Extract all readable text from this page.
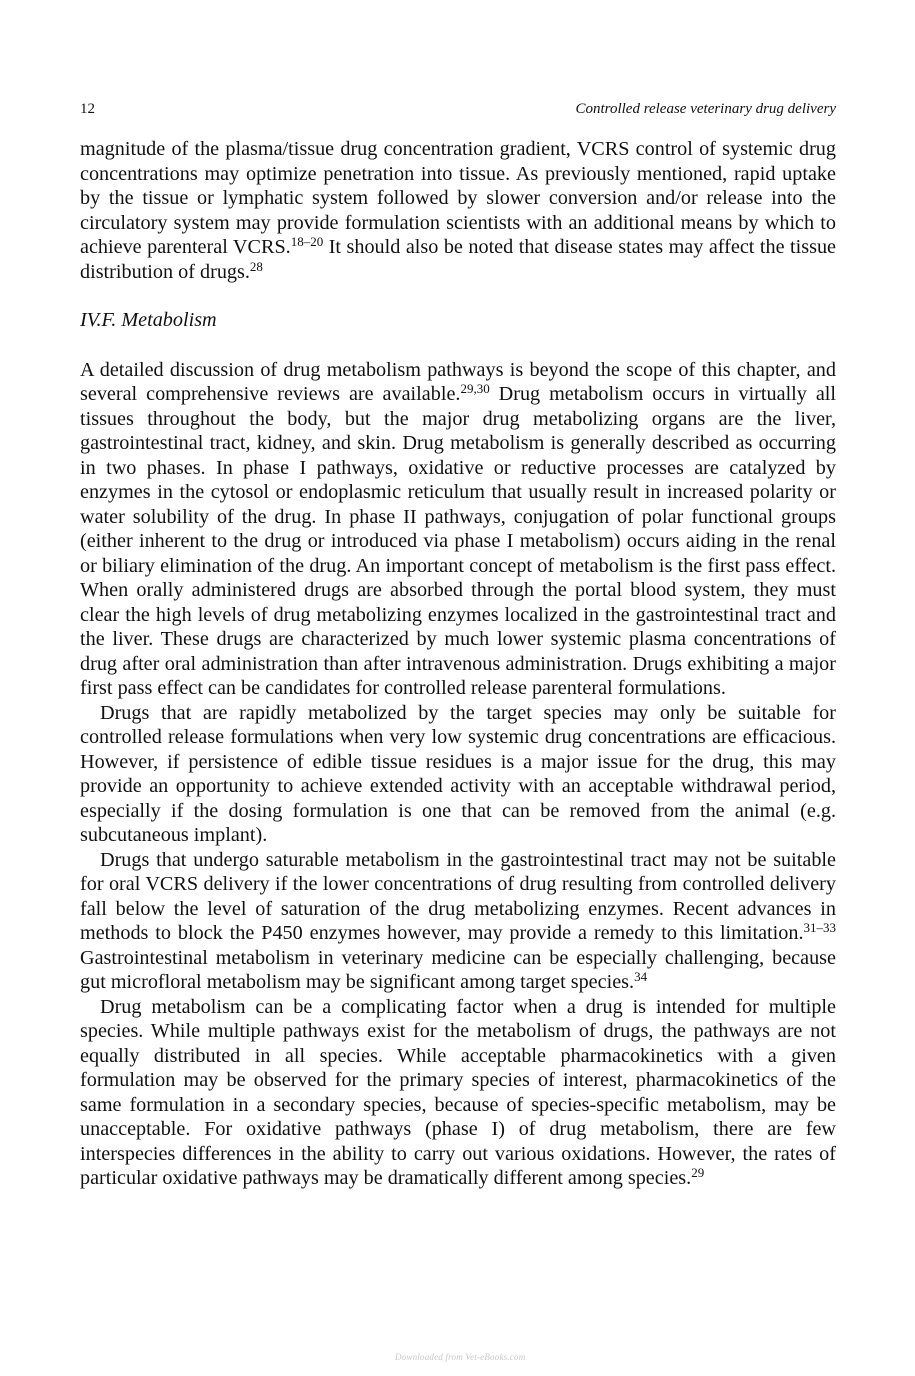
12	Controlled release veterinary drug delivery

magnitude of the plasma/tissue drug concentration gradient, VCRS control of systemic drug concentrations may optimize penetration into tissue. As previously mentioned, rapid uptake by the tissue or lymphatic system followed by slower conversion and/or release into the circulatory system may provide formulation scientists with an additional means by which to achieve parenteral VCRS.$^{18-20}$ It should also be noted that disease states may affect the tissue distribution of drugs.$^{28}$

IV.F. Metabolism

A detailed discussion of drug metabolism pathways is beyond the scope of this chapter, and several comprehensive reviews are available.$^{29,30}$ Drug metabolism occurs in virtually all tissues throughout the body, but the major drug metabolizing organs are the liver, gastrointestinal tract, kidney, and skin. Drug metabolism is generally described as occurring in two phases. In phase I pathways, oxidative or reductive processes are catalyzed by enzymes in the cytosol or endoplasmic reticulum that usually result in increased polarity or water solubility of the drug. In phase II pathways, conjugation of polar functional groups (either inherent to the drug or introduced via phase I metabolism) occurs aiding in the renal or biliary elimination of the drug. An important concept of metabolism is the first pass effect. When orally administered drugs are absorbed through the portal blood system, they must clear the high levels of drug metabolizing enzymes localized in the gastrointestinal tract and the liver. These drugs are characterized by much lower systemic plasma concentrations of drug after oral administration than after intravenous administration. Drugs exhibiting a major first pass effect can be candidates for controlled release parenteral formulations.

Drugs that are rapidly metabolized by the target species may only be suitable for controlled release formulations when very low systemic drug concentrations are efficacious. However, if persistence of edible tissue residues is a major issue for the drug, this may provide an opportunity to achieve extended activity with an acceptable withdrawal period, especially if the dosing formulation is one that can be removed from the animal (e.g. subcutaneous implant).

Drugs that undergo saturable metabolism in the gastrointestinal tract may not be suitable for oral VCRS delivery if the lower concentrations of drug resulting from controlled delivery fall below the level of saturation of the drug metabolizing enzymes. Recent advances in methods to block the P450 enzymes however, may provide a remedy to this limitation.$^{31-33}$ Gastrointestinal metabolism in veterinary medicine can be especially challenging, because gut microfloral metabolism may be significant among target species.$^{34}$

Drug metabolism can be a complicating factor when a drug is intended for multiple species. While multiple pathways exist for the metabolism of drugs, the pathways are not equally distributed in all species. While acceptable pharmacokinetics with a given formulation may be observed for the primary species of interest, pharmacokinetics of the same formulation in a secondary species, because of species-specific metabolism, may be unacceptable. For oxidative pathways (phase I) of drug metabolism, there are few interspecies differences in the ability to carry out various oxidations. However, the rates of particular oxidative pathways may be dramatically different among species.$^{29}$

Downloaded from Vet-eBooks.com
